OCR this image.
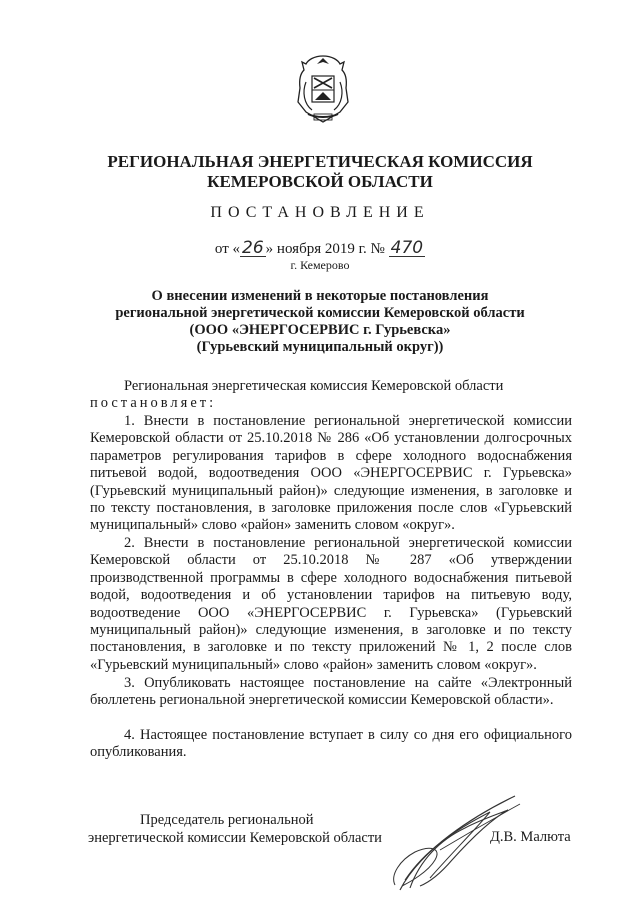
РЕГИОНАЛЬНАЯ ЭНЕРГЕТИЧЕСКАЯ КОМИССИЯ
КЕМЕРОВСКОЙ ОБЛАСТИ
ПОСТАНОВЛЕНИЕ
от « 26 » ноября 2019 г. № 470
г. Кемерово
О внесении изменений в некоторые постановления
региональной энергетической комиссии Кемеровской области
(ООО «ЭНЕРГОСЕРВИС г. Гурьевска»
(Гурьевский муниципальный округ))
Региональная энергетическая комиссия Кемеровской области
постановляет:

1. Внести в постановление региональной энергетической комиссии Кемеровской области от 25.10.2018 № 286 «Об установлении долгосрочных параметров регулирования тарифов в сфере холодного водоснабжения питьевой водой, водоотведения ООО «ЭНЕРГОСЕРВИС г. Гурьевска» (Гурьевский муниципальный район)» следующие изменения, в заголовке и по тексту постановления, в заголовке приложения после слов «Гурьевский муниципальный» слово «район» заменить словом «округ».

2. Внести в постановление региональной энергетической комиссии Кемеровской области от 25.10.2018 № 287 «Об утверждении производственной программы в сфере холодного водоснабжения питьевой водой, водоотведения и об установлении тарифов на питьевую воду, водоотведение ООО «ЭНЕРГОСЕРВИС г. Гурьевска» (Гурьевский муниципальный район)» следующие изменения, в заголовке и по тексту постановления, в заголовке и по тексту приложений № 1, 2 после слов «Гурьевский муниципальный» слово «район» заменить словом «округ».

3. Опубликовать настоящее постановление на сайте «Электронный бюллетень региональной энергетической комиссии Кемеровской области».

4. Настоящее постановление вступает в силу со дня его официального опубликования.

Председатель региональной
энергетической комиссии Кемеровской области	Д.В. Малюта
